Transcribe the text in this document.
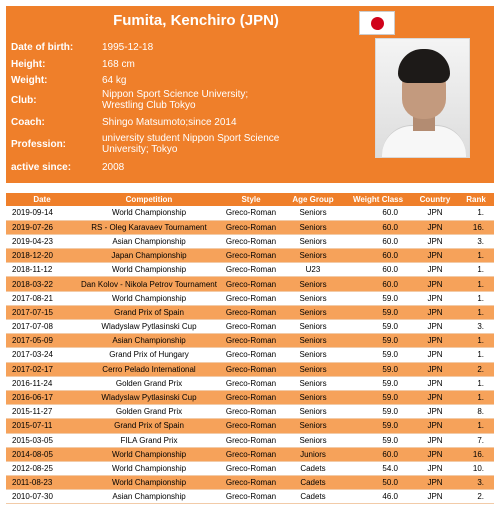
Fumita, Kenchiro (JPN)
Date of birth:	1995-12-18
Height:	168 cm
Weight:	64 kg
Club:
Nippon Sport Science University; Wrestling Club Tokyo
Coach:	Shingo Matsumoto;since 2014
Profession:
university student Nippon Sport Science University; Tokyo
active since:	2008
Date	Competition	Style	Age Group	Weight Class	Country	Rank
2019-09-14	World Championship	Greco-Roman	Seniors	60.0	JPN	1.
2019-07-26	RS - Oleg Karavaev Tournament	Greco-Roman	Seniors	60.0	JPN	16.
2019-04-23	Asian Championship	Greco-Roman	Seniors	60.0	JPN	3.
2018-12-20	Japan Championship	Greco-Roman	Seniors	60.0	JPN	1.
2018-11-12	World Championship	Greco-Roman	U23	60.0	JPN	1.
2018-03-22	Dan Kolov - Nikola Petrov Tournament	Greco-Roman	Seniors	60.0	JPN	1.
2017-08-21	World Championship	Greco-Roman	Seniors	59.0	JPN	1.
2017-07-15	Grand Prix of Spain	Greco-Roman	Seniors	59.0	JPN	1.
2017-07-08	Wladyslaw Pytlasinski Cup	Greco-Roman	Seniors	59.0	JPN	3.
2017-05-09	Asian Championship	Greco-Roman	Seniors	59.0	JPN	1.
2017-03-24	Grand Prix of Hungary	Greco-Roman	Seniors	59.0	JPN	1.
2017-02-17	Cerro Pelado International	Greco-Roman	Seniors	59.0	JPN	2.
2016-11-24	Golden Grand Prix	Greco-Roman	Seniors	59.0	JPN	1.
2016-06-17	Wladyslaw Pytlasinski Cup	Greco-Roman	Seniors	59.0	JPN	1.
2015-11-27	Golden Grand Prix	Greco-Roman	Seniors	59.0	JPN	8.
2015-07-11	Grand Prix of Spain	Greco-Roman	Seniors	59.0	JPN	1.
2015-03-05	FILA Grand Prix	Greco-Roman	Seniors	59.0	JPN	7.
2014-08-05	World Championship	Greco-Roman	Juniors	60.0	JPN	16.
2012-08-25	World Championship	Greco-Roman	Cadets	54.0	JPN	10.
2011-08-23	World Championship	Greco-Roman	Cadets	50.0	JPN	3.
2010-07-30	Asian Championship	Greco-Roman	Cadets	46.0	JPN	2.
